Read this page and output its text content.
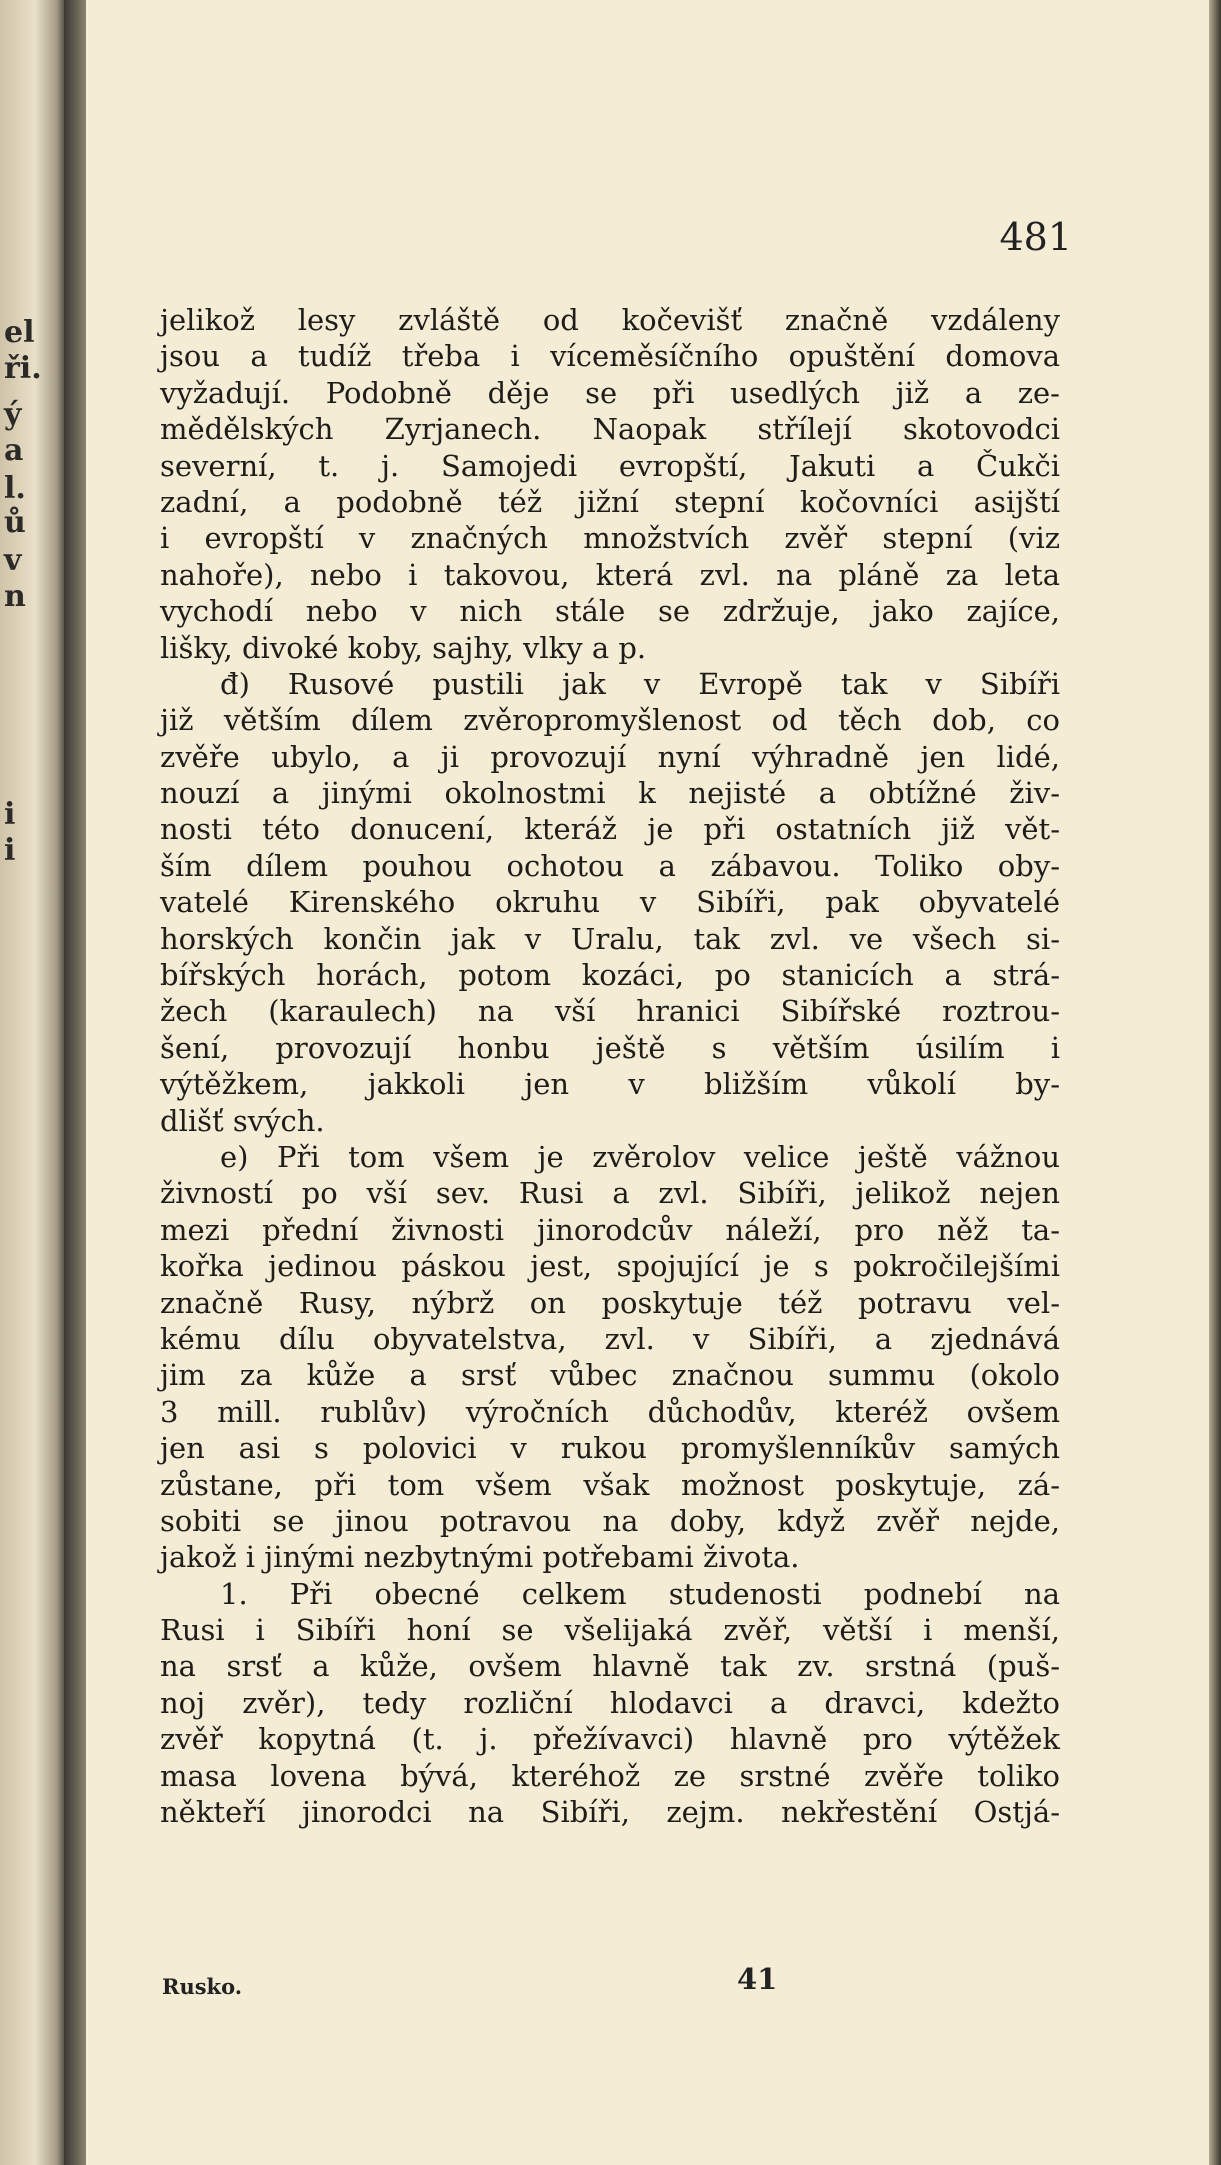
el
ři.
ý
a
l.
ů
v
n
i
i
481
jelikož lesy zvláště od kočevišť značně vzdáleny
jsou a tudíž třeba i víceměsíčního opuštění domova
vyžadují. Podobně děje se při usedlých již a ze-
mědělských Zyrjanech. Naopak střílejí skotovodci
severní, t. j. Samojedi evropští, Jakuti a Čukči
zadní, a podobně též jižní stepní kočovníci asijští
i evropští v značných množstvích zvěř stepní (viz
nahoře), nebo i takovou, která zvl. na pláně za leta
vychodí nebo v nich stále se zdržuje, jako zajíce,
lišky, divoké koby, sajhy, vlky a p.
đ) Rusové pustili jak v Evropě tak v Sibíři
již větším dílem zvěropromyšlenost od těch dob, co
zvěře ubylo, a ji provozují nyní výhradně jen lidé,
nouzí a jinými okolnostmi k nejisté a obtížné živ-
nosti této donucení, kteráž je při ostatních již vět-
ším dílem pouhou ochotou a zábavou. Toliko oby-
vatelé Kirenského okruhu v Sibíři, pak obyvatelé
horských končin jak v Uralu, tak zvl. ve všech si-
bířských horách, potom kozáci, po stanicích a strá-
žech (karaulech) na vší hranici Sibířské roztrou-
šení, provozují honbu ještě s větším úsilím i
výtěžkem, jakkoli jen v bližším vůkolí by-
dlišť svých.
e) Při tom všem je zvěrolov velice ještě vážnou
živností po vší sev. Rusi a zvl. Sibíři, jelikož nejen
mezi přední živnosti jinorodcův náleží, pro něž ta-
kořka jedinou páskou jest, spojující je s pokročilejšími
značně Rusy, nýbrž on poskytuje též potravu vel-
kému dílu obyvatelstva, zvl. v Sibíři, a zjednává
jim za kůže a srsť vůbec značnou summu (okolo
3 mill. rublův) výročních důchodův, kteréž ovšem
jen asi s polovici v rukou promyšlenníkův samých
zůstane, při tom všem však možnost poskytuje, zá-
sobiti se jinou potravou na doby, když zvěř nejde,
jakož i jinými nezbytnými potřebami života.
1. Při obecné celkem studenosti podnebí na
Rusi i Sibíři honí se všelijaká zvěř, větší i menší,
na srsť a kůže, ovšem hlavně tak zv. srstná (puš-
noj zvěr), tedy rozliční hlodavci a dravci, kdežto
zvěř kopytná (t. j. přežívavci) hlavně pro výtěžek
masa lovena bývá, kteréhož ze srstné zvěře toliko
někteří jinorodci na Sibíři, zejm. nekřestění Ostjá-
Rusko.	41
